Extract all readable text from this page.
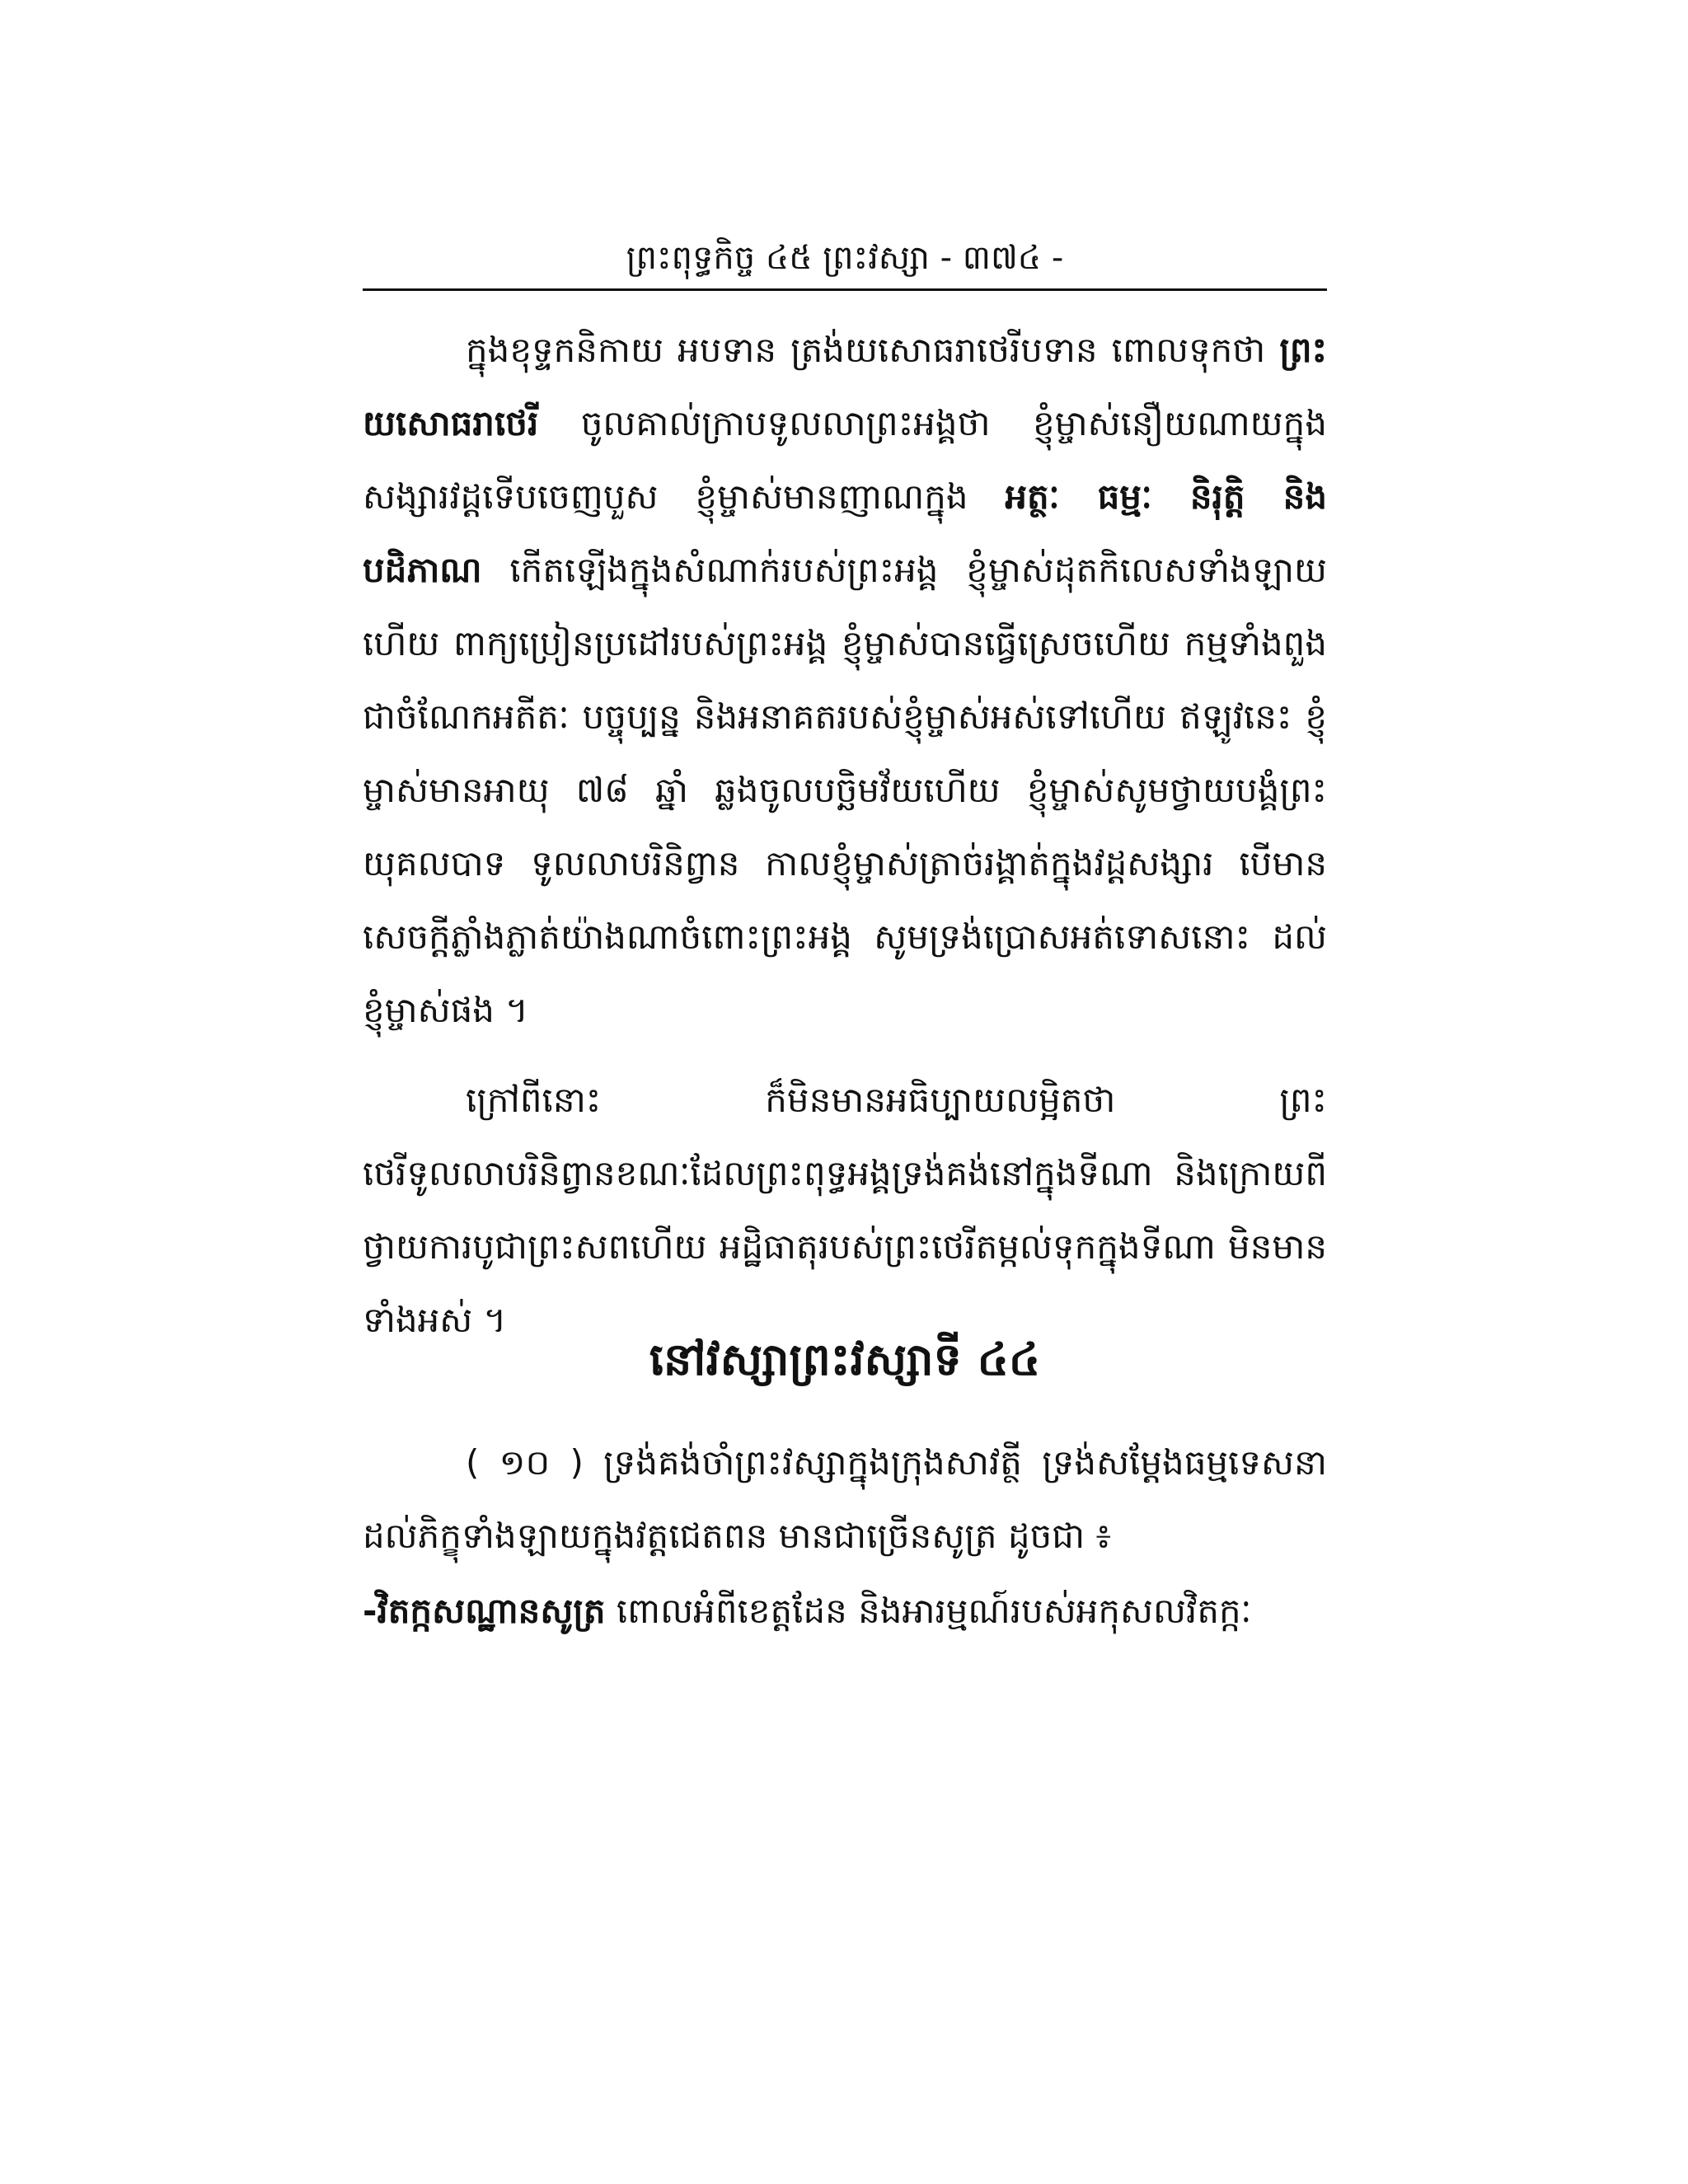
ព្រះពុទ្ធកិច្ច ៤៥ ព្រះវស្សា - ៣៧៤ -

ក្នុងខុទ្ទកនិកាយ អបទាន ត្រង់យសោធរាថេរីបទាន ពោលទុកថា ព្រះយសោធរាថេរី ចូលគាល់ក្រាបទូលលាព្រះអង្គថា ខ្ញុំម្ចាស់នឿយណាយក្នុងសង្សារវដ្តទើបចេញបួស ខ្ញុំម្ចាស់មានញាណក្នុង អត្ថៈ ធម្មៈ និរុត្តិ និង បដិភាណ កើតឡើងក្នុងសំណាក់របស់ព្រះអង្គ ខ្ញុំម្ចាស់ដុតកិលេសទាំងឡាយហើយ ពាក្យប្រៀនប្រដៅរបស់ព្រះអង្គ ខ្ញុំម្ចាស់បានធ្វើស្រេចហើយ កម្មទាំងពួងជាចំណែកអតីតៈ បច្ចុប្បន្ន និងអនាគតរបស់ខ្ញុំម្ចាស់អស់ទៅហើយ ឥឡូវនេះ ខ្ញុំម្ចាស់មានអាយុ ៧៨ ឆ្នាំ ឆ្លងចូលបច្ឆិមវ័យហើយ ខ្ញុំម្ចាស់សូមថ្វាយបង្គំព្រះយុគលបាទ ទូលលាបរិនិព្វាន កាលខ្ញុំម្ចាស់ត្រាច់រង្គាត់ក្នុងវដ្តសង្សារ បើមានសេចក្តីភ្លាំងភ្លាត់យ៉ាងណាចំពោះព្រះអង្គ សូមទ្រង់ប្រោសអត់ទោសនោះ ដល់ខ្ញុំម្ចាស់ផង ។

ក្រៅពីនោះ ក៏មិនមានអធិប្បាយលម្អិតថា ព្រះថេរីទូលលាបរិនិព្វានខណៈដែលព្រះពុទ្ធអង្គទ្រង់គង់នៅក្នុងទីណា និងក្រោយពីថ្វាយការបូជាព្រះសពហើយ អដ្ឋិធាតុរបស់ព្រះថេរីតម្កល់ទុកក្នុងទីណា មិនមានទាំងអស់ ។

នៅវស្សាព្រះវស្សាទី ៤៤

( ១០ ) ទ្រង់គង់ចាំព្រះវស្សាក្នុងក្រុងសាវត្ថី ទ្រង់សម្តែងធម្មទេសនាដល់ភិក្ខុទាំងឡាយក្នុងវត្តជេតពន មានជាច្រើនសូត្រ ដូចជា ៖

-វិតក្កសណ្ឋានសូត្រ ពោលអំពីខេត្តដែន និងអារម្មណ៍របស់អកុសលវិតក្កៈ
